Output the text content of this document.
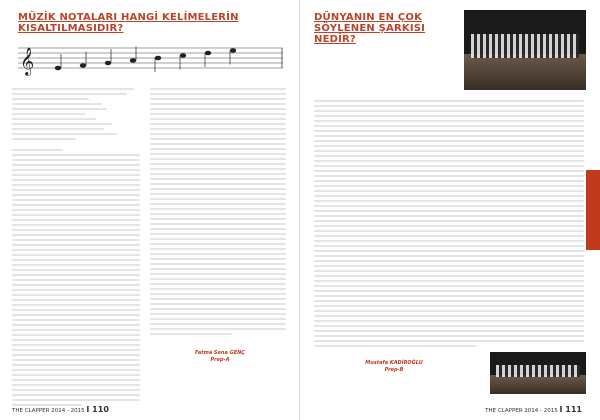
MÜZİK NOTALARI HANGİ KELİMELERİN KISALTILMASIDIR?
𝄞
Fatma Sena GENÇ
Prep-A
THE CLAPPER 2014 - 2015 I 110
DÜNYANIN EN ÇOK SÖYLENEN ŞARKISI NEDİR?

Mustafa KADİROĞLU
Prep-B
THE CLAPPER 2014 - 2015 I 111
